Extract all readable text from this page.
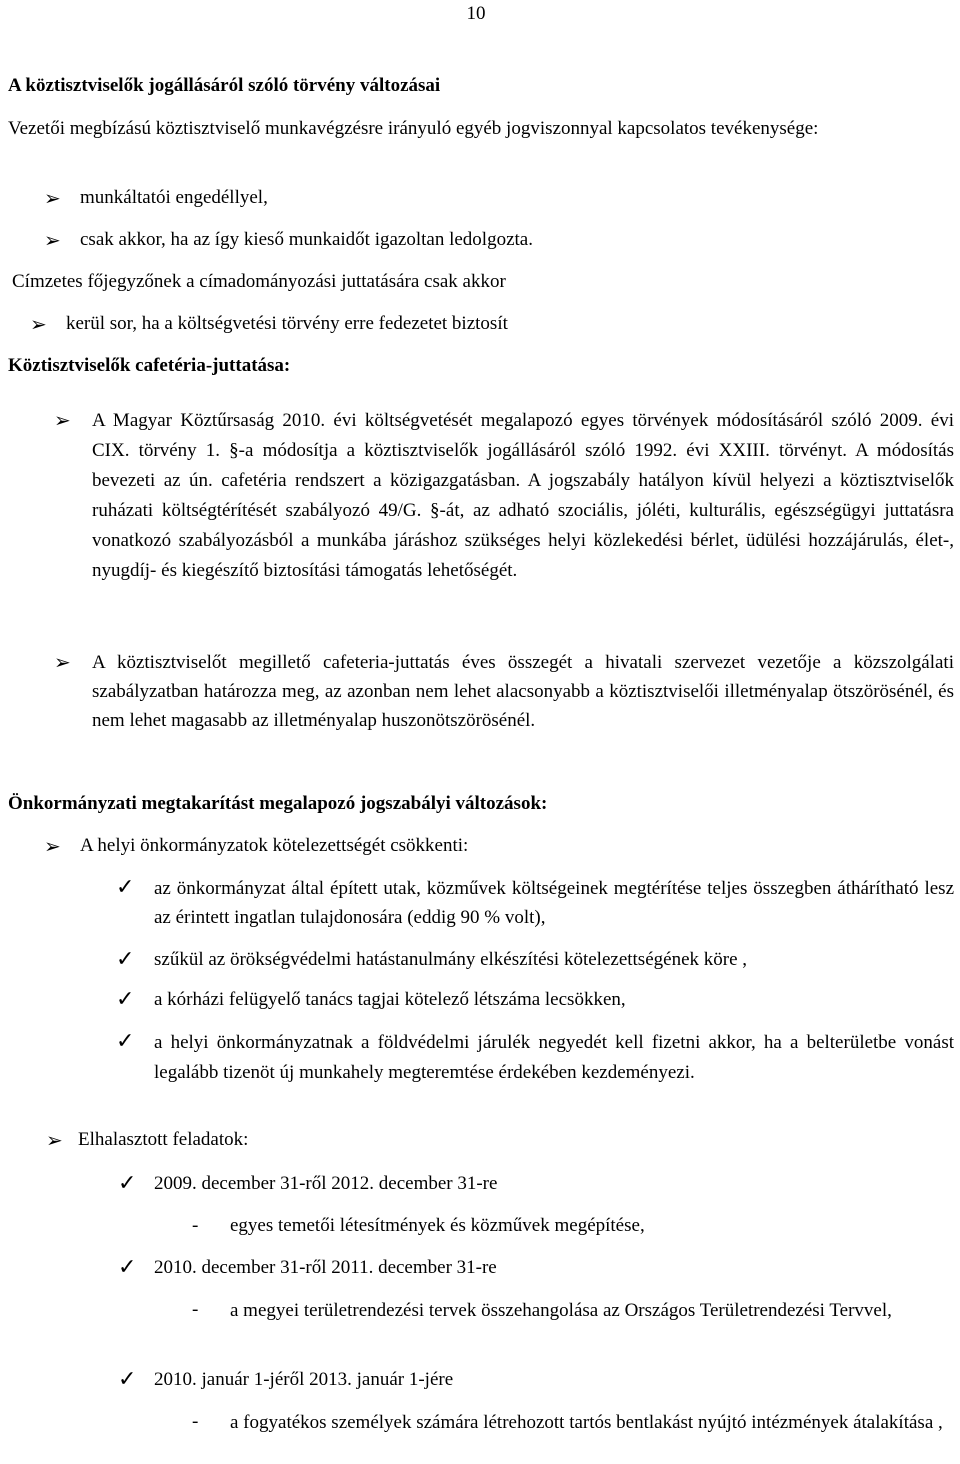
10
A köztisztviselők jogállásáról szóló törvény változásai
Vezetői megbízású köztisztviselő munkavégzésre irányuló egyéb jogviszonnyal kapcsolatos tevékenysége:
➢ munkáltatói engedéllyel,
➢ csak akkor, ha az így kieső munkaidőt igazoltan ledolgozta.
Címzetes főjegyzőnek a címadományozási juttatására csak akkor
➢ kerül sor, ha a költségvetési törvény erre fedezetet biztosít
Köztisztviselők cafetéria-juttatása:
➢ A Magyar Köztűrsaság 2010. évi költségvetését megalapozó egyes törvények módosításáról szóló 2009. évi CIX. törvény 1. §-a módosítja a köztisztviselők jogállásáról szóló 1992. évi XXIII. törvényt. A módosítás bevezeti az ún. cafetéria rendszert a közigazgatásban. A jogszabály hatályon kívül helyezi a köztisztviselők ruházati költségtérítését szabályozó 49/G. §-át, az adható szociális, jóléti, kulturális, egészségügyi juttatásra vonatkozó szabályozásból a munkába járáshoz szükséges helyi közlekedési bérlet, üdülési hozzájárulás, élet-, nyugdíj- és kiegészítő biztosítási támogatás lehetőségét.
➢ A köztisztviselőt megillető cafeteria-juttatás éves összegét a hivatali szervezet vezetője a közszolgálati szabályzatban határozza meg, az azonban nem lehet alacsonyabb a köztisztviselői illetményalap ötszörösénél, és nem lehet magasabb az illetményalap huszonötszörösénél.
Önkormányzati megtakarítást megalapozó jogszabályi változások:
➢ A helyi önkormányzatok kötelezettségét csökkenti:
✓ az önkormányzat által épített utak, közművek költségeinek megtérítése teljes összegben áthárítható lesz az érintett ingatlan tulajdonosára (eddig 90 % volt),
✓ szűkül az örökségvédelmi hatástanulmány elkészítési kötelezettségének köre ,
✓ a kórházi felügyelő tanács tagjai kötelező létszáma lecsökken,
✓ a helyi önkormányzatnak a földvédelmi járulék negyedét kell fizetni akkor, ha a belterületbe vonást legalább tizenöt új munkahely megteremtése érdekében kezdeményezi.
➢ Elhalasztott feladatok:
✓ 2009. december 31-ről 2012. december 31-re
- egyes temetői létesítmények és közművek megépítése,
✓ 2010. december 31-ről 2011. december 31-re
- a megyei területrendezési tervek összehangolása az Országos Területrendezési Tervvel,
✓ 2010. január 1-jéről 2013. január 1-jére
- a fogyatékos személyek számára létrehozott tartós bentlakást nyújtó intézmények átalakítása ,
